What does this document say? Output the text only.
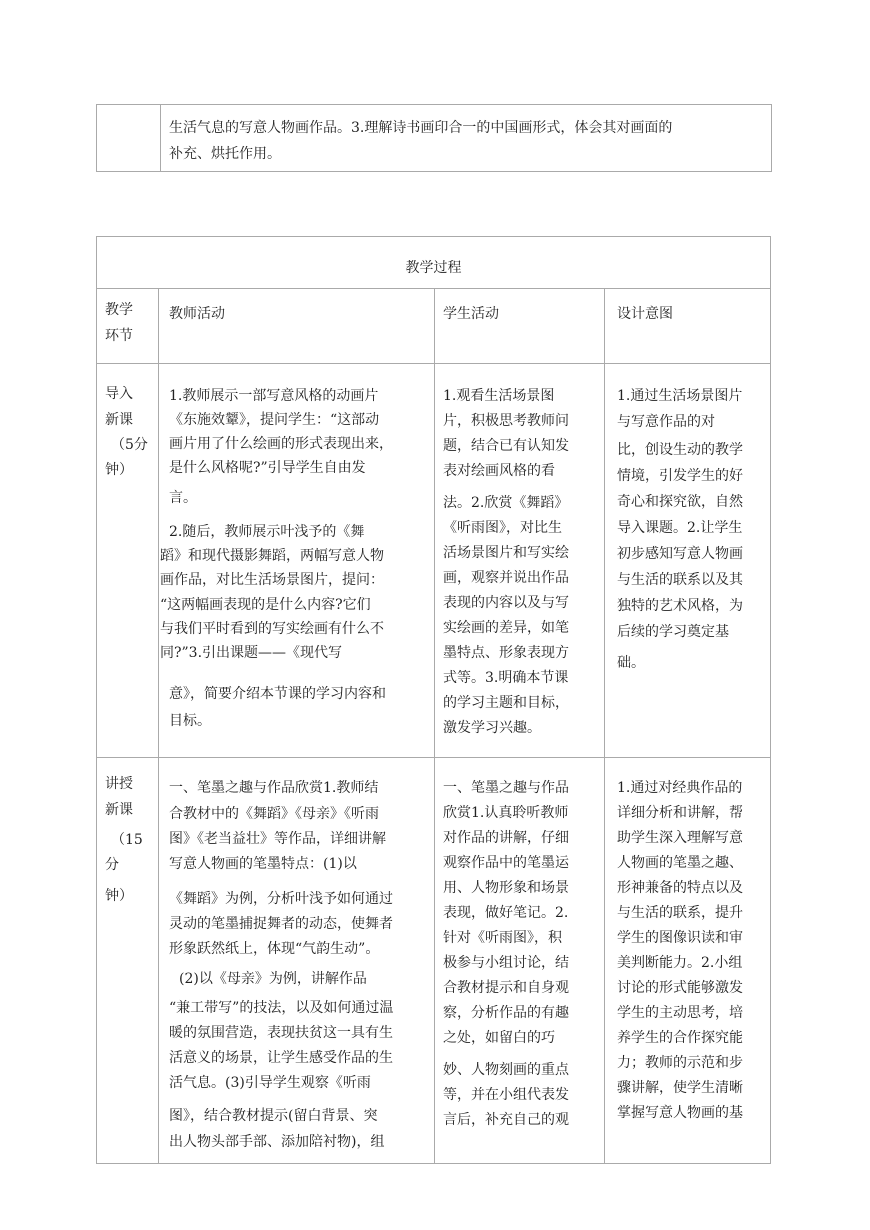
生活气息的写意人物画作品。3.理解诗书画印合一的中国画形式，体会其对画面的
补充、烘托作用。
教学过程
教学
环节
教师活动	学生活动	设计意图
导入
新课
（5分
钟）
1.教师展示一部写意风格的动画片
《东施效颦》，提问学生：“这部动
画片用了什么绘画的形式表现出来，
是什么风格呢?”引导学生自由发
言。
2.随后，教师展示叶浅予的《舞
蹈》和现代摄影舞蹈，两幅写意人物
画作品，对比生活场景图片，提问：
“这两幅画表现的是什么内容?它们
与我们平时看到的写实绘画有什么不
同?”3.引出课题——《现代写
意》，简要介绍本节课的学习内容和
目标。
1.观看生活场景图
片，积极思考教师问
题，结合已有认知发
表对绘画风格的看
法。2.欣赏《舞蹈》
《听雨图》，对比生
活场景图片和写实绘
画，观察并说出作品
表现的内容以及与写
实绘画的差异，如笔
墨特点、形象表现方
式等。3.明确本节课
的学习主题和目标，
激发学习兴趣。
1.通过生活场景图片
与写意作品的对
比，创设生动的教学
情境，引发学生的好
奇心和探究欲，自然
导入课题。2.让学生
初步感知写意人物画
与生活的联系以及其
独特的艺术风格，为
后续的学习奠定基
础。
讲授
新课
（15
分
钟）
一、笔墨之趣与作品欣赏1.教师结
合教材中的《舞蹈》《母亲》《听雨
图》《老当益壮》等作品，详细讲解
写意人物画的笔墨特点：(1)以
《舞蹈》为例，分析叶浅予如何通过
灵动的笔墨捕捉舞者的动态，使舞者
形象跃然纸上，体现“气韵生动”。
(2)以《母亲》为例，讲解作品
“兼工带写”的技法，以及如何通过温
暖的氛围营造，表现扶贫这一具有生
活意义的场景，让学生感受作品的生
活气息。(3)引导学生观察《听雨
图》，结合教材提示(留白背景、突
出人物头部手部、添加陪衬物)，组
一、笔墨之趣与作品
欣赏1.认真聆听教师
对作品的讲解，仔细
观察作品中的笔墨运
用、人物形象和场景
表现，做好笔记。2.
针对《听雨图》，积
极参与小组讨论，结
合教材提示和自身观
察，分析作品的有趣
之处，如留白的巧
妙、人物刻画的重点
等，并在小组代表发
言后，补充自己的观
1.通过对经典作品的
详细分析和讲解，帮
助学生深入理解写意
人物画的笔墨之趣、
形神兼备的特点以及
与生活的联系，提升
学生的图像识读和审
美判断能力。2.小组
讨论的形式能够激发
学生的主动思考，培
养学生的合作探究能
力；教师的示范和步
骤讲解，使学生清晰
掌握写意人物画的基
